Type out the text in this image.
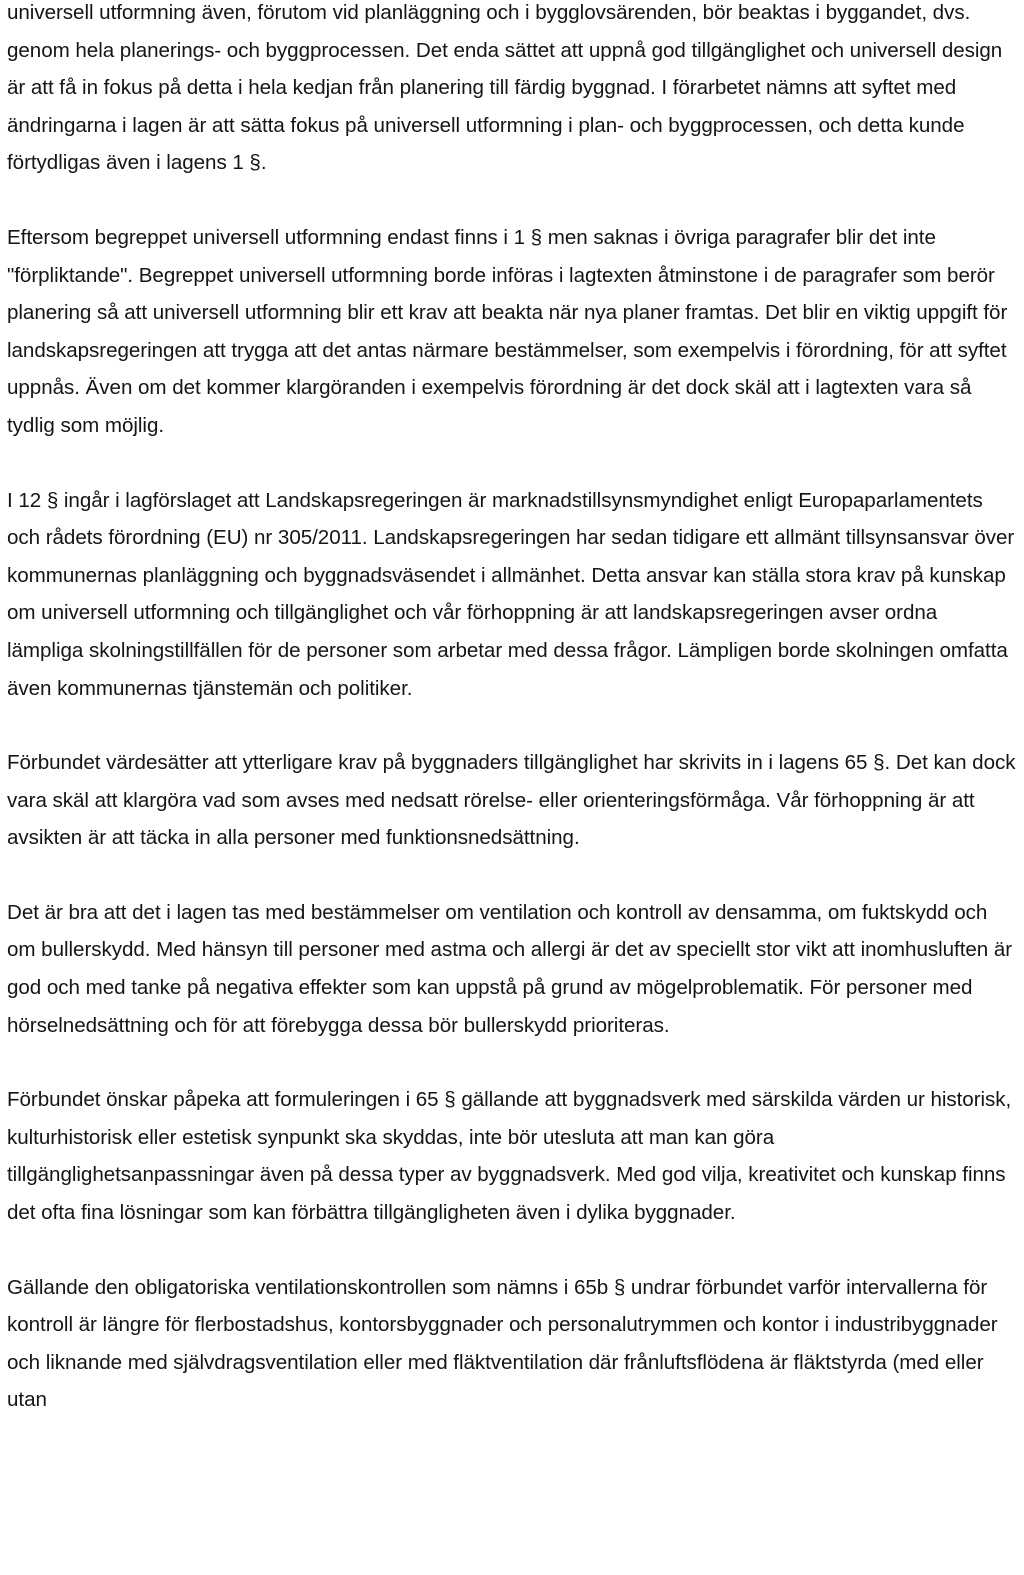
universell utformning även, förutom vid planläggning och i bygglovsärenden, bör beaktas i byggandet, dvs. genom hela planerings- och byggprocessen. Det enda sättet att uppnå god tillgänglighet och universell design är att få in fokus på detta i hela kedjan från planering till färdig byggnad. I förarbetet nämns att syftet med ändringarna i lagen är att sätta fokus på universell utformning i plan- och byggprocessen, och detta kunde förtydligas även i lagens 1 §.

Eftersom begreppet universell utformning endast finns i 1 § men saknas i övriga paragrafer blir det inte "förpliktande". Begreppet universell utformning borde införas i lagtexten åtminstone i de paragrafer som berör planering så att universell utformning blir ett krav att beakta när nya planer framtas. Det blir en viktig uppgift för landskapsregeringen att trygga att det antas närmare bestämmelser, som exempelvis i förordning, för att syftet uppnås. Även om det kommer klargöranden i exempelvis förordning är det dock skäl att i lagtexten vara så tydlig som möjlig.

I 12 § ingår i lagförslaget att Landskapsregeringen är marknadstillsynsmyndighet enligt Europaparlamentets och rådets förordning (EU) nr 305/2011. Landskapsregeringen har sedan tidigare ett allmänt tillsynsansvar över kommunernas planläggning och byggnadsväsendet i allmänhet. Detta ansvar kan ställa stora krav på kunskap om universell utformning och tillgänglighet och vår förhoppning är att landskapsregeringen avser ordna lämpliga skolningstillfällen för de personer som arbetar med dessa frågor. Lämpligen borde skolningen omfatta även kommunernas tjänstemän och politiker.

Förbundet värdesätter att ytterligare krav på byggnaders tillgänglighet har skrivits in i lagens 65 §. Det kan dock vara skäl att klargöra vad som avses med nedsatt rörelse- eller orienteringsförmåga. Vår förhoppning är att avsikten är att täcka in alla personer med funktionsnedsättning.

Det är bra att det i lagen tas med bestämmelser om ventilation och kontroll av densamma, om fuktskydd och om bullerskydd. Med hänsyn till personer med astma och allergi är det av speciellt stor vikt att inomhusluften är god och med tanke på negativa effekter som kan uppstå på grund av mögelproblematik. För personer med hörselnedsättning och för att förebygga dessa bör bullerskydd prioriteras.

Förbundet önskar påpeka att formuleringen i 65 § gällande att byggnadsverk med särskilda värden ur historisk, kulturhistorisk eller estetisk synpunkt ska skyddas, inte bör utesluta att man kan göra tillgänglighetsanpassningar även på dessa typer av byggnadsverk. Med god vilja, kreativitet och kunskap finns det ofta fina lösningar som kan förbättra tillgängligheten även i dylika byggnader.

Gällande den obligatoriska ventilationskontrollen som nämns i 65b § undrar förbundet varför intervallerna för kontroll är längre för flerbostadshus, kontorsbyggnader och personalutrymmen och kontor i industribyggnader och liknande med självdragsventilation eller med fläktventilation där frånluftsflödena är fläktstyrda (med eller utan
